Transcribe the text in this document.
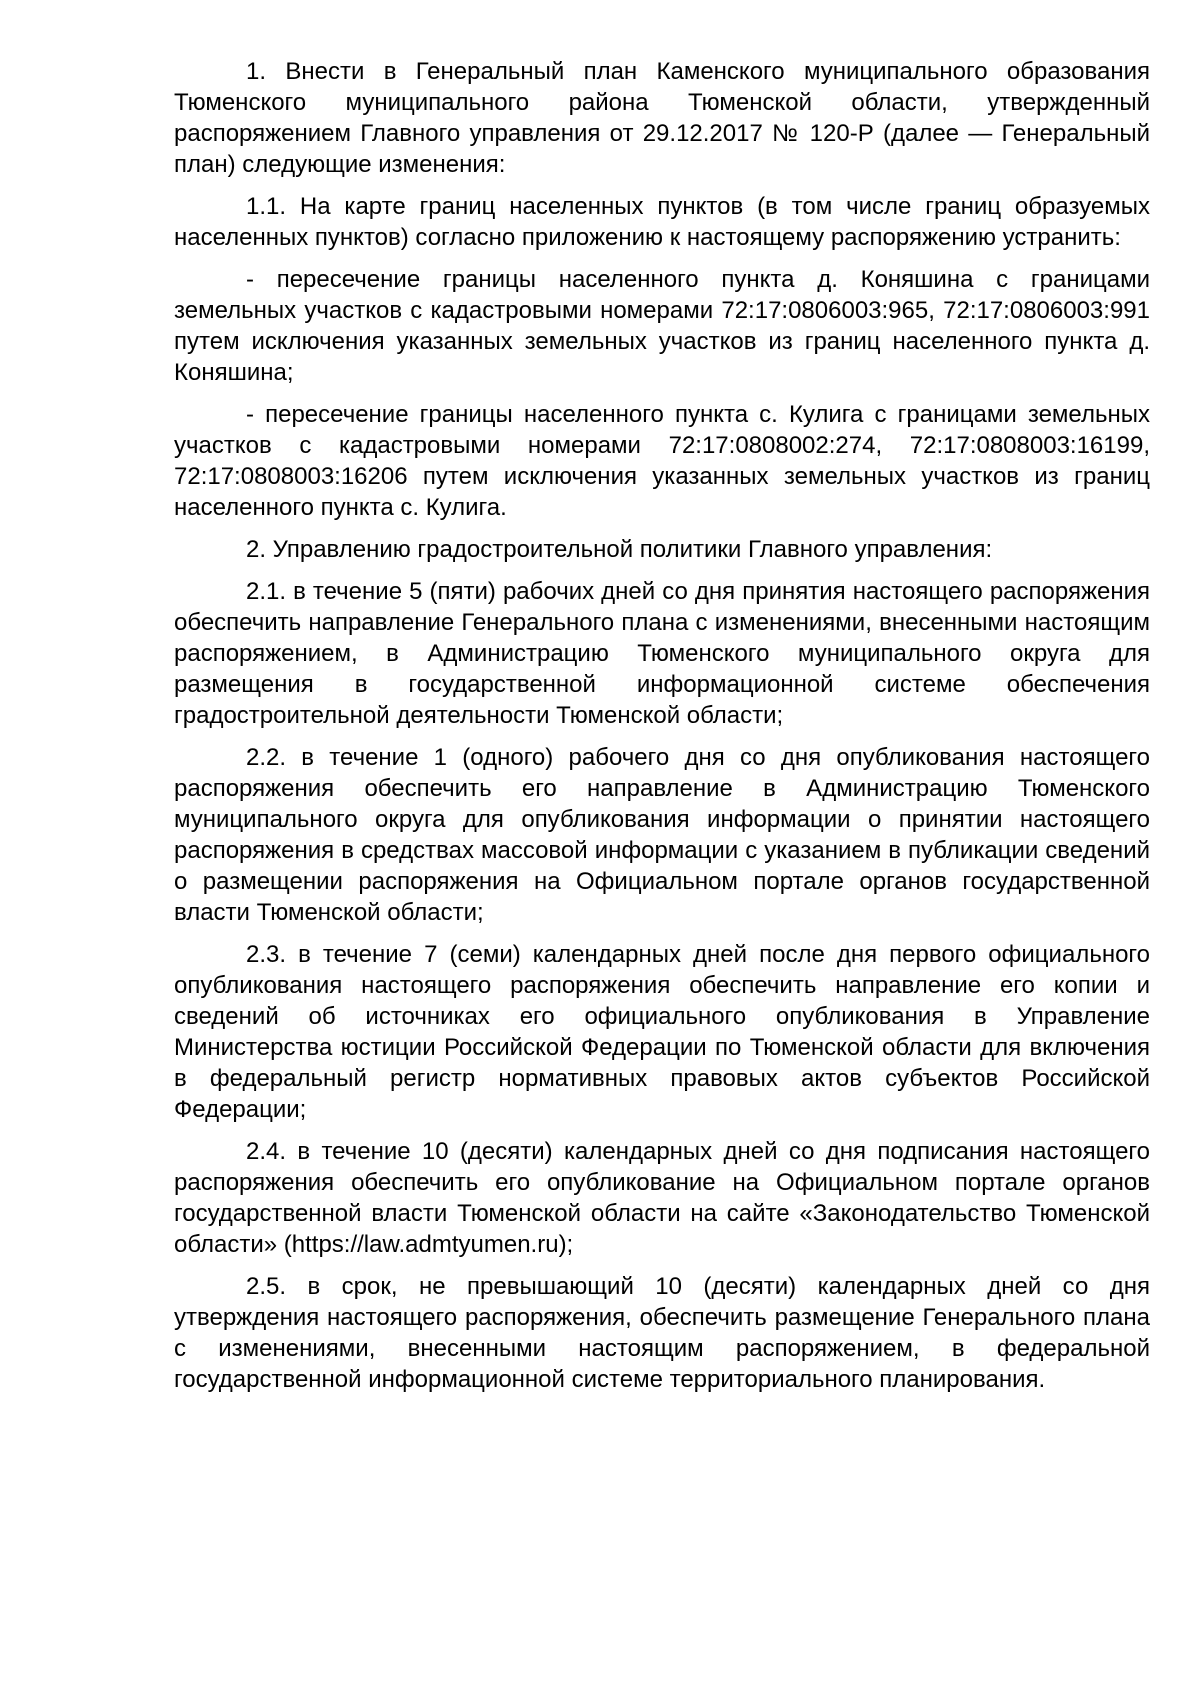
1. Внести в Генеральный план Каменского муниципального образования Тюменского муниципального района Тюменской области, утвержденный распоряжением Главного управления от 29.12.2017 № 120-Р (далее — Генеральный план) следующие изменения:

1.1. На карте границ населенных пунктов (в том числе границ образуемых населенных пунктов) согласно приложению к настоящему распоряжению устранить:

- пересечение границы населенного пункта д. Коняшина с границами земельных участков с кадастровыми номерами 72:17:0806003:965, 72:17:0806003:991 путем исключения указанных земельных участков из границ населенного пункта д. Коняшина;

- пересечение границы населенного пункта с. Кулига с границами земельных участков с кадастровыми номерами 72:17:0808002:274, 72:17:0808003:16199, 72:17:0808003:16206 путем исключения указанных земельных участков из границ населенного пункта с. Кулига.

2. Управлению градостроительной политики Главного управления:

2.1. в течение 5 (пяти) рабочих дней со дня принятия настоящего распоряжения обеспечить направление Генерального плана с изменениями, внесенными настоящим распоряжением, в Администрацию Тюменского муниципального округа для размещения в государственной информационной системе обеспечения градостроительной деятельности Тюменской области;

2.2. в течение 1 (одного) рабочего дня со дня опубликования настоящего распоряжения обеспечить его направление в Администрацию Тюменского муниципального округа для опубликования информации о принятии настоящего распоряжения в средствах массовой информации с указанием в публикации сведений о размещении распоряжения на Официальном портале органов государственной власти Тюменской области;

2.3. в течение 7 (семи) календарных дней после дня первого официального опубликования настоящего распоряжения обеспечить направление его копии и сведений об источниках его официального опубликования в Управление Министерства юстиции Российской Федерации по Тюменской области для включения в федеральный регистр нормативных правовых актов субъектов Российской Федерации;

2.4. в течение 10 (десяти) календарных дней со дня подписания настоящего распоряжения обеспечить его опубликование на Официальном портале органов государственной власти Тюменской области на сайте «Законодательство Тюменской области» (https://law.admtyumen.ru);

2.5. в срок, не превышающий 10 (десяти) календарных дней со дня утверждения настоящего распоряжения, обеспечить размещение Генерального плана с изменениями, внесенными настоящим распоряжением, в федеральной государственной информационной системе территориального планирования.
